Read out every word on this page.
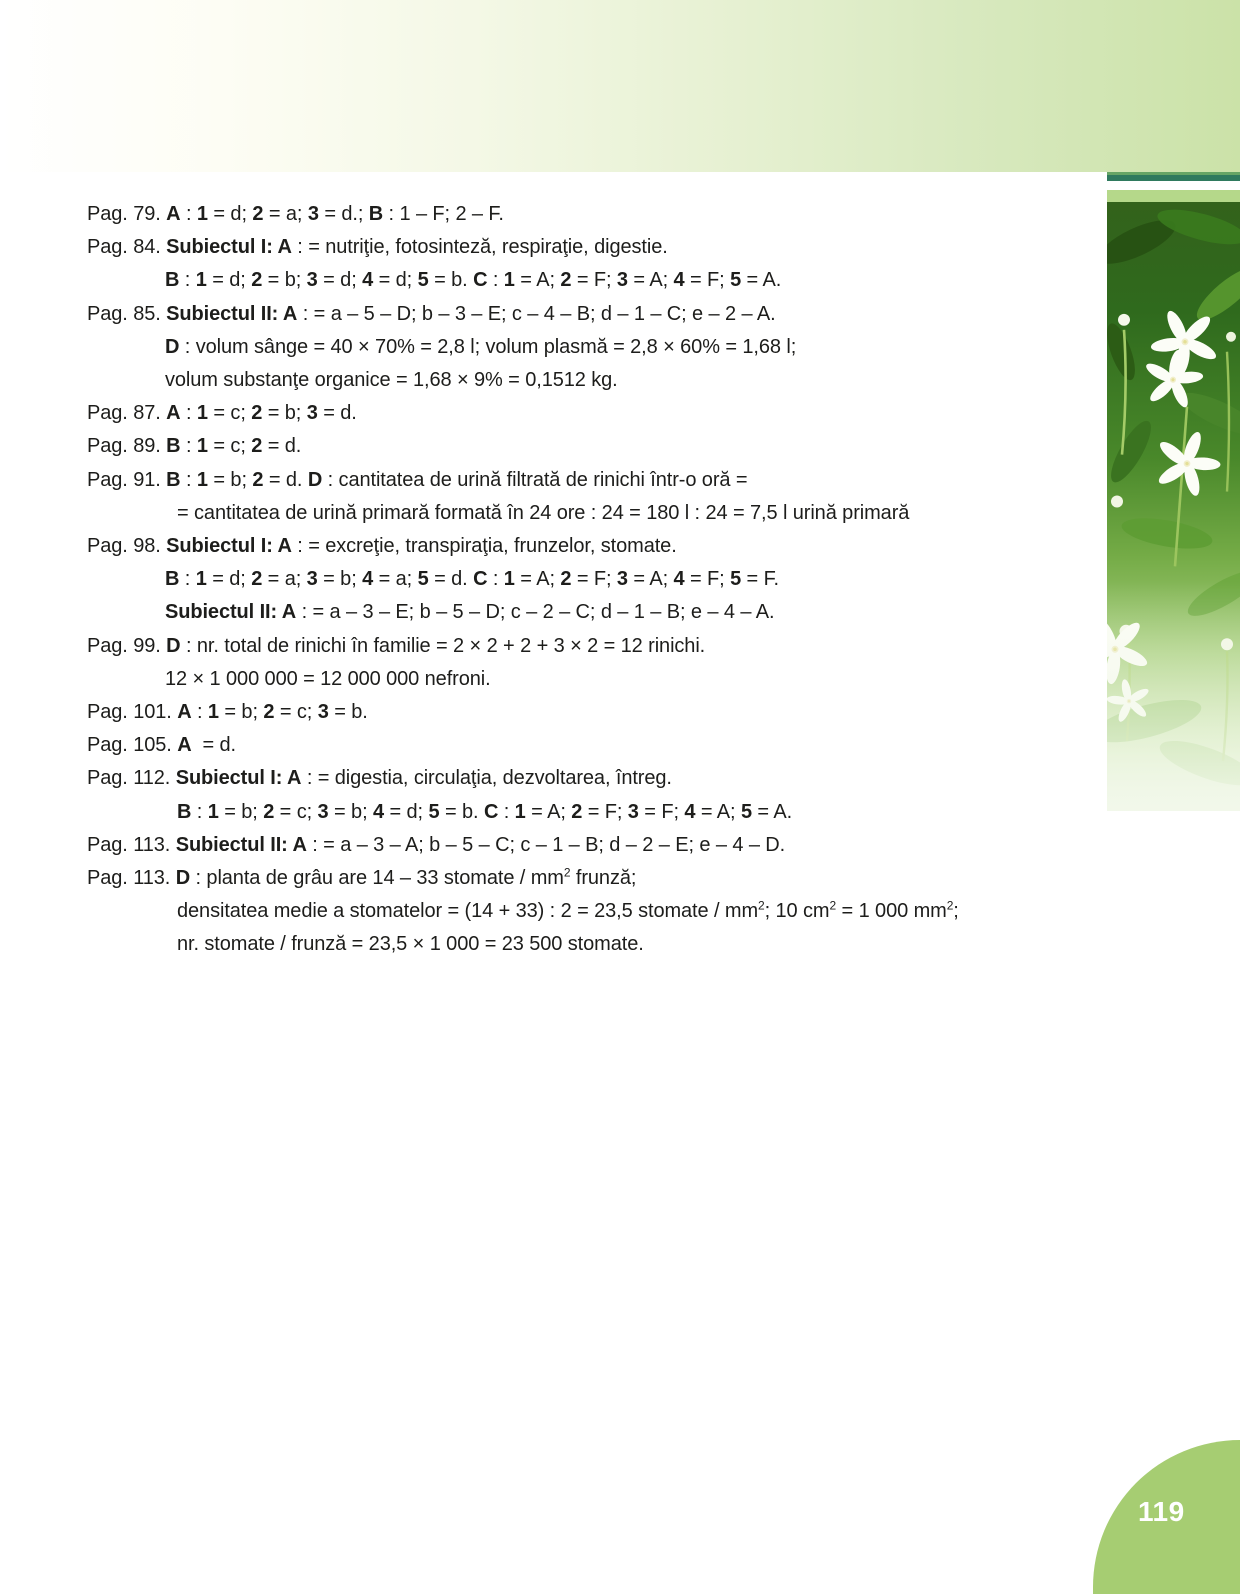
Pag. 79. A : 1 = d; 2 = a; 3 = d.; B : 1 – F; 2 – F.
Pag. 84. Subiectul I: A : = nutriţie, fotosinteză, respiraţie, digestie.
B : 1 = d; 2 = b; 3 = d; 4 = d; 5 = b. C : 1 = A; 2 = F; 3 = A; 4 = F; 5 = A.
Pag. 85. Subiectul II: A : = a – 5 – D; b – 3 – E; c – 4 – B; d – 1 – C; e – 2 – A.
D : volum sânge = 40 × 70% = 2,8 l; volum plasmă = 2,8 × 60% = 1,68 l;
volum substanţe organice = 1,68 × 9% = 0,1512 kg.
Pag. 87. A : 1 = c; 2 = b; 3 = d.
Pag. 89. B : 1 = c; 2 = d.
Pag. 91. B : 1 = b; 2 = d. D : cantitatea de urină filtrată de rinichi într-o oră =
= cantitatea de urină primară formată în 24 ore : 24 = 180 l : 24 = 7,5 l urină primară
Pag. 98. Subiectul I: A : = excreţie, transpiraţia, frunzelor, stomate.
B : 1 = d; 2 = a; 3 = b; 4 = a; 5 = d. C : 1 = A; 2 = F; 3 = A; 4 = F; 5 = F.
Subiectul II: A : = a – 3 – E; b – 5 – D; c – 2 – C; d – 1 – B; e – 4 – A.
Pag. 99. D : nr. total de rinichi în familie = 2 × 2 + 2 + 3 × 2 = 12 rinichi.
12 × 1 000 000 = 12 000 000 nefroni.
Pag. 101. A : 1 = b; 2 = c; 3 = b.
Pag. 105. A  = d.
Pag. 112. Subiectul I: A : = digestia, circulaţia, dezvoltarea, întreg.
B : 1 = b; 2 = c; 3 = b; 4 = d; 5 = b. C : 1 = A; 2 = F; 3 = F; 4 = A; 5 = A.
Pag. 113. Subiectul II: A : = a – 3 – A; b – 5 – C; c – 1 – B; d – 2 – E; e – 4 – D.
Pag. 113. D : planta de grâu are 14 – 33 stomate / $mm^2$ frunză;
densitatea medie a stomatelor = (14 + 33) : 2 = 23,5 stomate / $mm^2$; 10 $cm^2 = 1$ 000 $mm^2$;
nr. stomate / frunză = 23,5 × 1 000 = 23 500 stomate.
119
